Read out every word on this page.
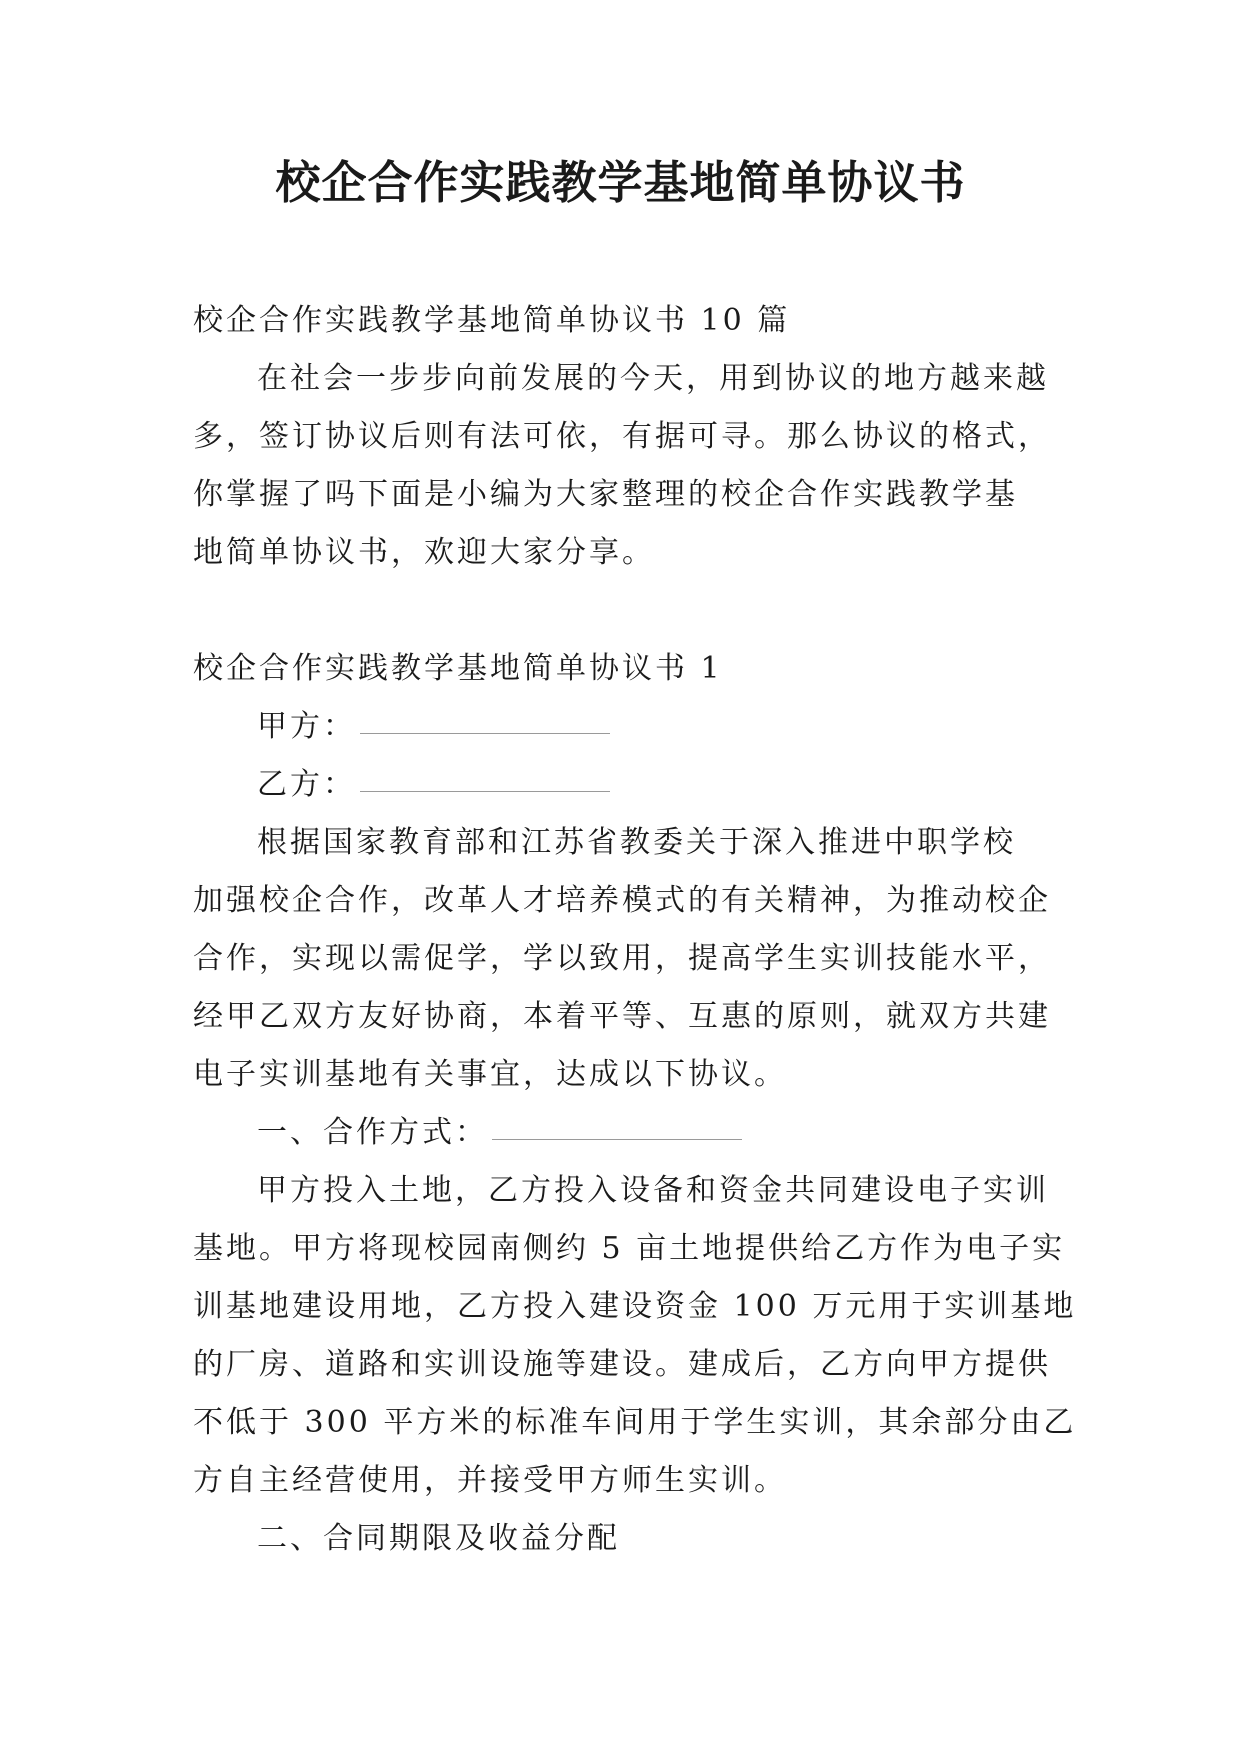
校企合作实践教学基地简单协议书
校企合作实践教学基地简单协议书 10 篇
在社会一步步向前发展的今天，用到协议的地方越来越
多，签订协议后则有法可依，有据可寻。那么协议的格式，
你掌握了吗下面是小编为大家整理的校企合作实践教学基
地简单协议书，欢迎大家分享。
校企合作实践教学基地简单协议书 1
甲方：
乙方：
根据国家教育部和江苏省教委关于深入推进中职学校
加强校企合作，改革人才培养模式的有关精神，为推动校企
合作，实现以需促学，学以致用，提高学生实训技能水平，
经甲乙双方友好协商，本着平等、互惠的原则，就双方共建
电子实训基地有关事宜，达成以下协议。
一、合作方式：
甲方投入土地，乙方投入设备和资金共同建设电子实训
基地。甲方将现校园南侧约 5 亩土地提供给乙方作为电子实
训基地建设用地，乙方投入建设资金 100 万元用于实训基地
的厂房、道路和实训设施等建设。建成后，乙方向甲方提供
不低于 300 平方米的标准车间用于学生实训，其余部分由乙
方自主经营使用，并接受甲方师生实训。
二、合同期限及收益分配
